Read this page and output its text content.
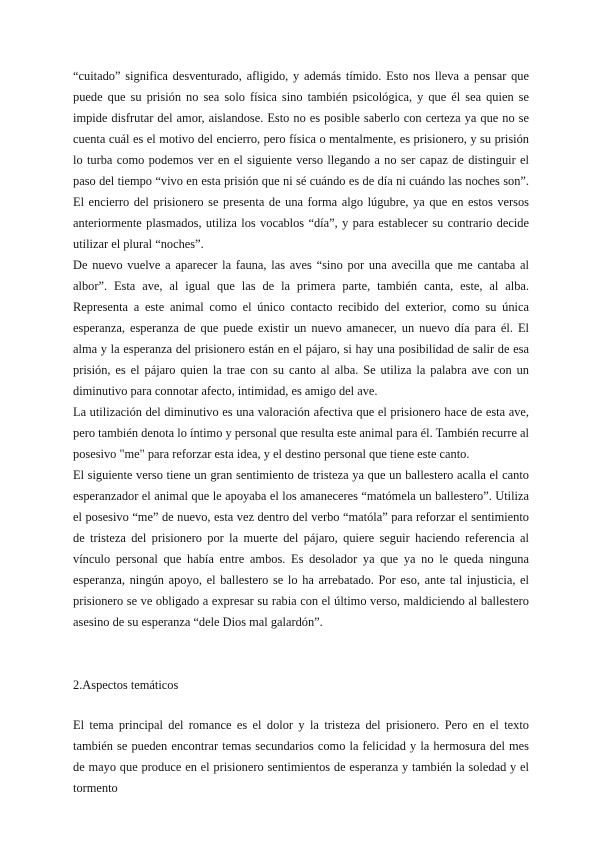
“cuitado” significa desventurado, afligido, y además tímido. Esto nos lleva a pensar que puede que su prisión no sea solo física sino también psicológica, y que él sea quien se impide disfrutar del amor, aislandose. Esto no es posible saberlo con certeza ya que no se cuenta cuál es el motivo del encierro, pero física o mentalmente, es prisionero, y su prisión lo turba como podemos ver en el siguiente verso llegando a no ser capaz de distinguir el paso del tiempo “vivo en esta prisión que ni sé cuándo es de día ni cuándo las noches son”. El encierro del prisionero se presenta de una forma algo lúgubre, ya que en estos versos anteriormente plasmados, utiliza los vocablos “día”, y para establecer su contrario decide utilizar el plural “noches”.

De nuevo vuelve a aparecer la fauna, las aves “sino por una avecilla que me cantaba al albor”. Esta ave, al igual que las de la primera parte, también canta, este, al alba. Representa a este animal como el único contacto recibido del exterior, como su única esperanza, esperanza de que puede existir un nuevo amanecer, un nuevo día para él. El alma y la esperanza del prisionero están en el pájaro, si hay una posibilidad de salir de esa prisión, es el pájaro quien la trae con su canto al alba. Se utiliza la palabra ave con un diminutivo para connotar afecto, intimidad, es amigo del ave.

La utilización del diminutivo es una valoración afectiva que el prisionero hace de esta ave, pero también denota lo íntimo y personal que resulta este animal para él. También recurre al posesivo "me" para reforzar esta idea, y el destino personal que tiene este canto.

El siguiente verso tiene un gran sentimiento de tristeza ya que un ballestero acalla el canto esperanzador el animal que le apoyaba el los amaneceres “matómela un ballestero”. Utiliza el posesivo “me” de nuevo, esta vez dentro del verbo “matóla” para reforzar el sentimiento de tristeza del prisionero por la muerte del pájaro, quiere seguir haciendo referencia al vínculo personal que había entre ambos. Es desolador ya que ya no le queda ninguna esperanza, ningún apoyo, el ballestero se lo ha arrebatado. Por eso, ante tal injusticia, el prisionero se ve obligado a expresar su rabia con el último verso, maldiciendo al ballestero asesino de su esperanza “dele Dios mal galardón”.

2.Aspectos temáticos

El tema principal del romance es el dolor y la tristeza del prisionero. Pero en el texto también se pueden encontrar temas secundarios como la felicidad y la hermosura del mes de mayo que produce en el prisionero sentimientos de esperanza y también la soledad y el tormento
